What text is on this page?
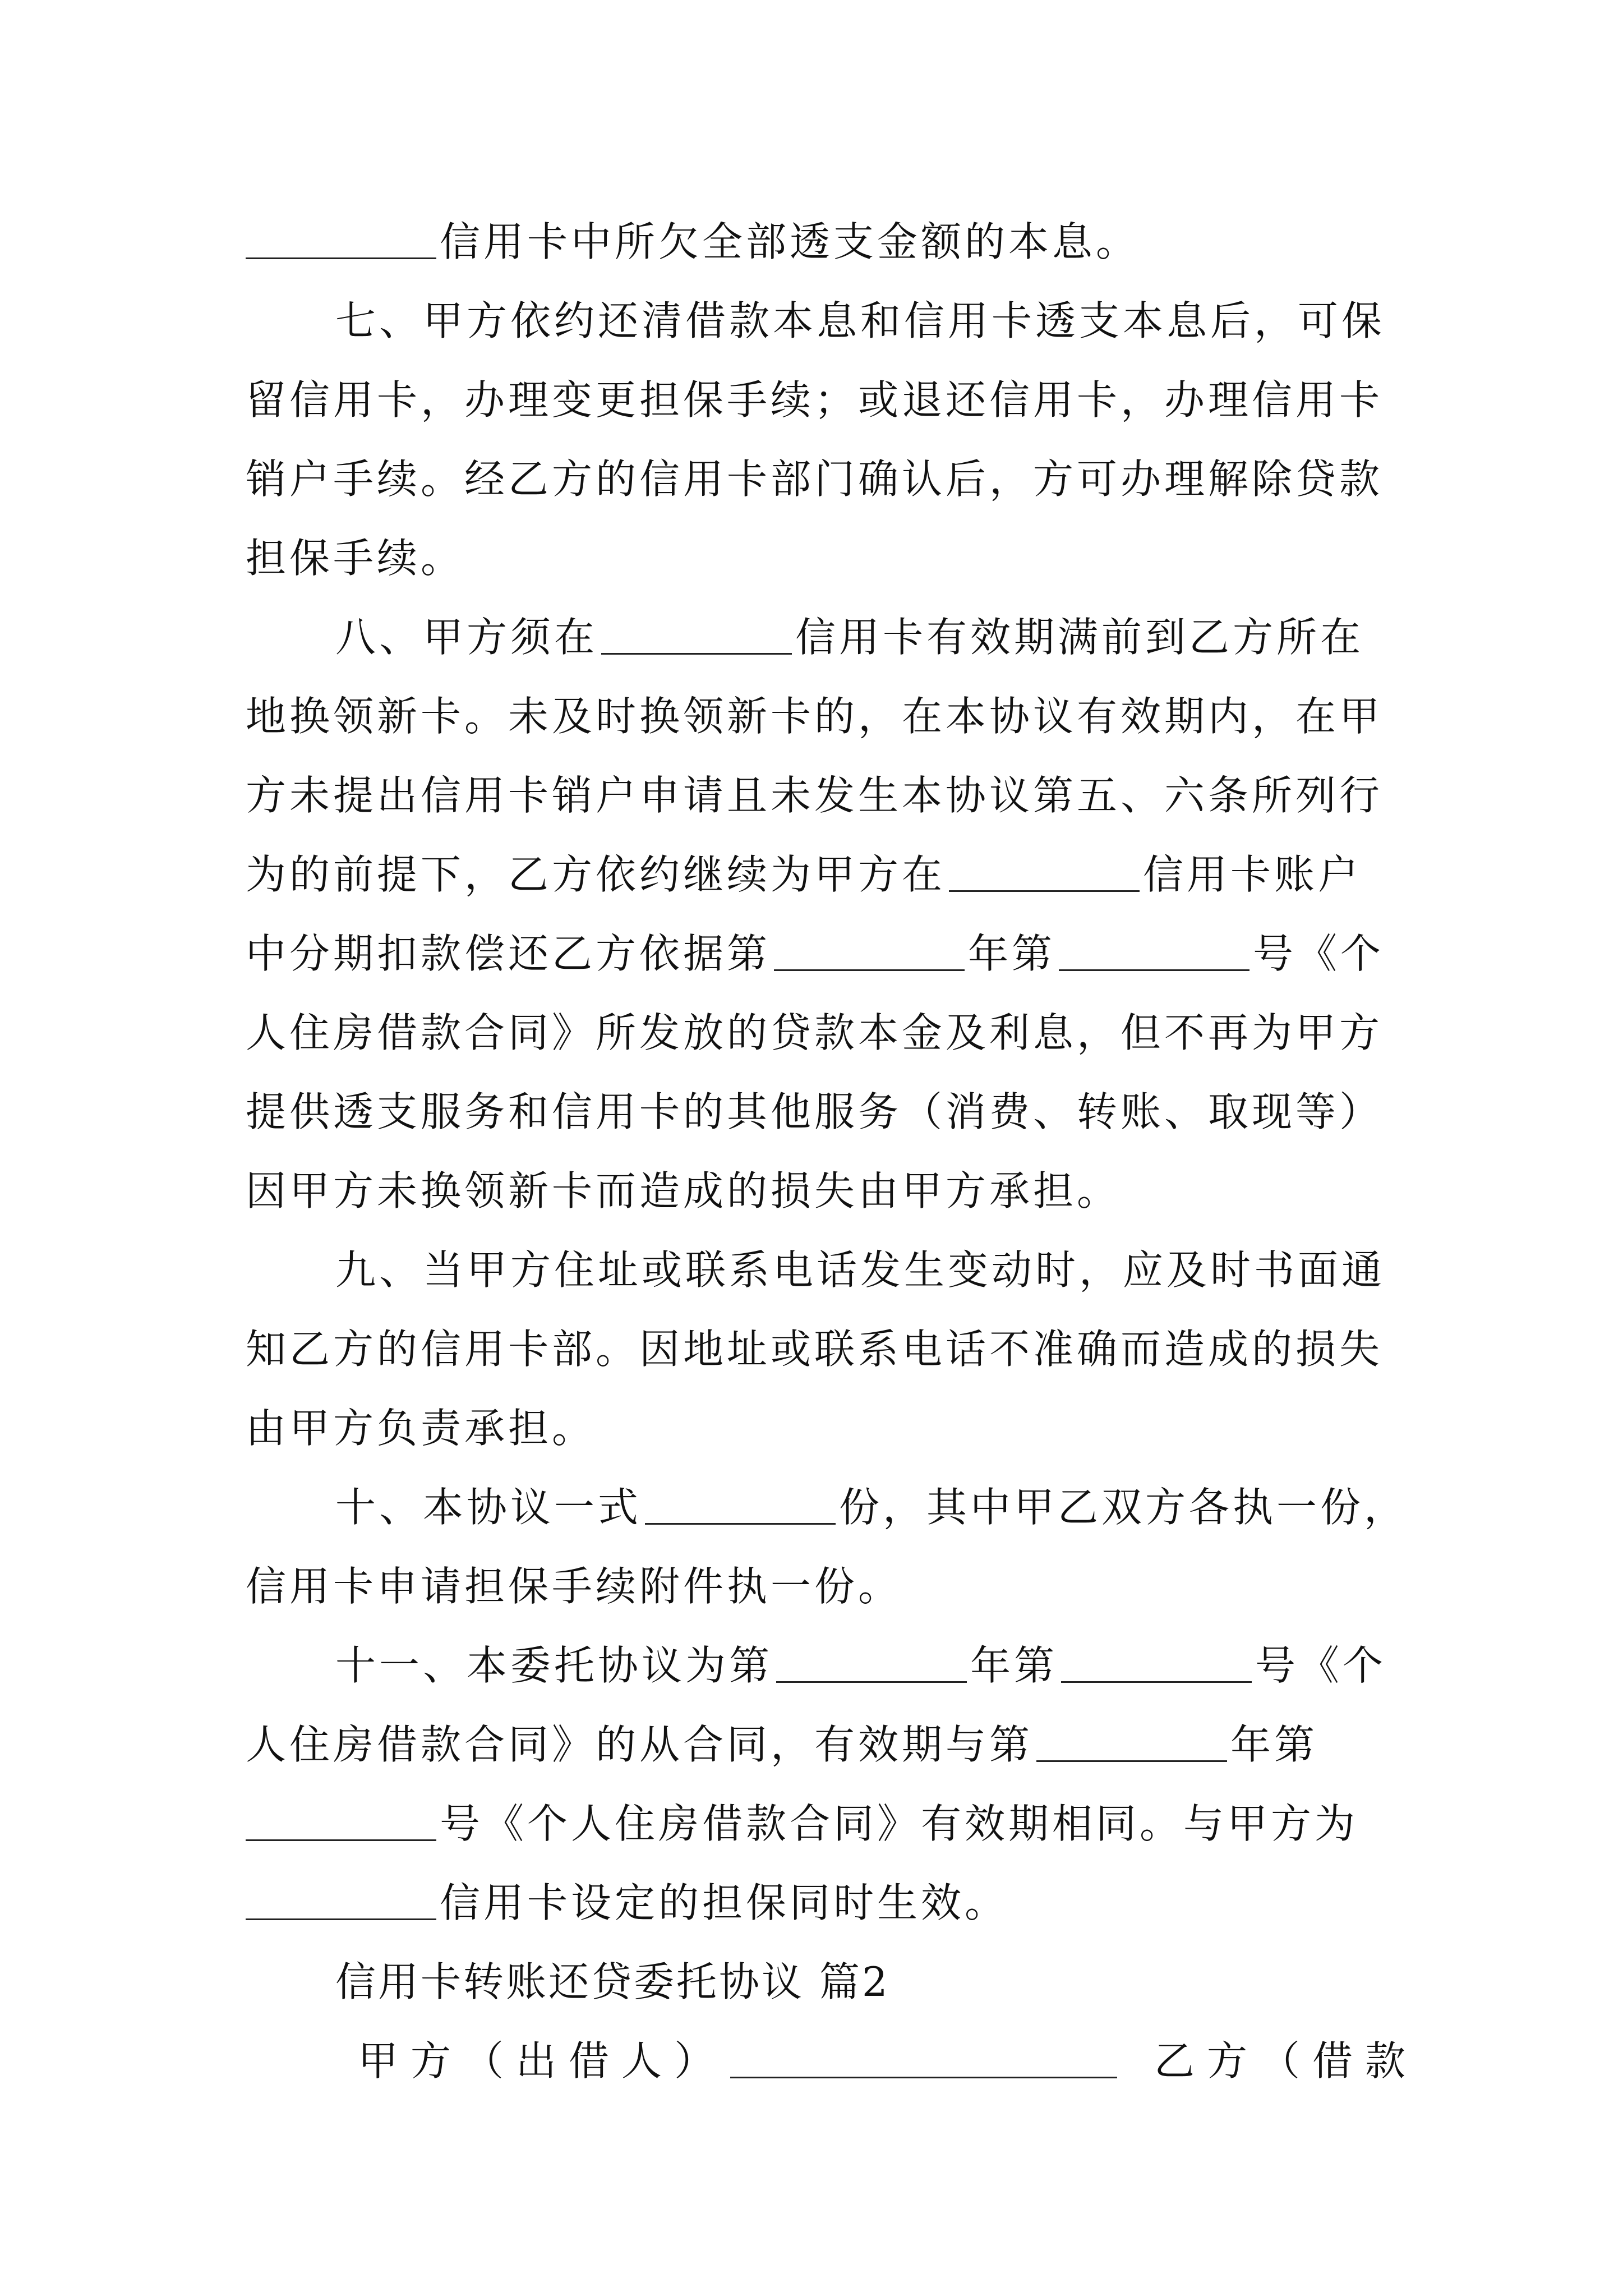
信用卡中所欠全部透支金额的本息。
七、甲方依约还清借款本息和信用卡透支本息后，可保
留信用卡，办理变更担保手续；或退还信用卡，办理信用卡
销户手续。经乙方的信用卡部门确认后，方可办理解除贷款
担保手续。
八、甲方须在	信用卡有效期满前到乙方所在
地换领新卡。未及时换领新卡的，在本协议有效期内，在甲
方未提出信用卡销户申请且未发生本协议第五、六条所列行
为的前提下，乙方依约继续为甲方在	信用卡账户
中分期扣款偿还乙方依据第	年第	号《个
人住房借款合同》所发放的贷款本金及利息，但不再为甲方
提供透支服务和信用卡的其他服务（消费、转账、取现等）
因甲方未换领新卡而造成的损失由甲方承担。
九、当甲方住址或联系电话发生变动时，应及时书面通
知乙方的信用卡部。因地址或联系电话不准确而造成的损失
由甲方负责承担。
十、本协议一式	份，其中甲乙双方各执一份，
信用卡申请担保手续附件执一份。
十一、本委托协议为第	年第	号《个
人住房借款合同》的从合同，有效期与第	年第
号《个人住房借款合同》有效期相同。与甲方为
信用卡设定的担保同时生效。
信用卡转账还贷委托协议 篇2
甲方（出借人）	乙方（借款
